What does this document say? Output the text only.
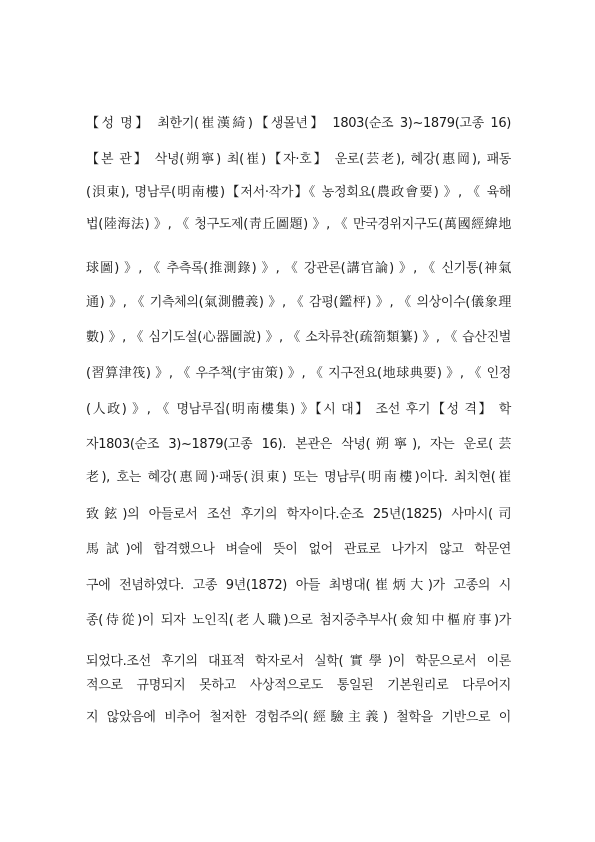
【성 명】 최한기(崔漢綺)【생몰년】 1803(순조 3)~1879(고종 16)
【본 관】 삭녕(朔寧) 최(崔)【자·호】 운로(芸老), 혜강(惠岡), 패동
(浿東), 명남루(明南樓)【저서·작가】《 농정회요(農政會要) 》, 《 육해
법(陸海法) 》, 《 청구도제(靑丘圖題) 》, 《 만국경위지구도(萬國經緯地
球圖) 》, 《 추측록(推測錄) 》, 《 강관론(講官論) 》, 《 신기통(神氣
通) 》, 《 기측체의(氣測體義) 》, 《 감평(鑑枰) 》, 《 의상이수(儀象理
數) 》, 《 심기도설(心器圖說) 》, 《 소차류찬(疏箚類纂) 》, 《 습산진벌
(習算津筏) 》, 《 우주책(宇宙策) 》, 《 지구전요(地球典要) 》, 《 인정
(人政) 》, 《 명남루집(明南樓集) 》【시 대】 조선 후기【성 격】 학
자1803(순조 3)~1879(고종 16). 본관은 삭녕(朔寧), 자는 운로(芸
老), 호는 혜강(惠岡)·패동(浿東) 또는 명남루(明南樓)이다. 최치현(崔
致鉉)의 아들로서 조선 후기의 학자이다.순조 25년(1825) 사마시(司
馬試)에 합격했으나 벼슬에 뜻이 없어 관료로 나가지 않고 학문연
구에 전념하였다. 고종 9년(1872) 아들 최병대(崔炳大)가 고종의 시
종(侍從)이 되자 노인직(老人職)으로 첨지중추부사(僉知中樞府事)가
되었다.조선 후기의 대표적 학자로서 실학(實學)이 학문으로서 이론
적으로 규명되지 못하고 사상적으로도 통일된 기본원리로 다루어지
지 않았음에 비추어 철저한 경험주의(經驗主義) 철학을 기반으로 이
